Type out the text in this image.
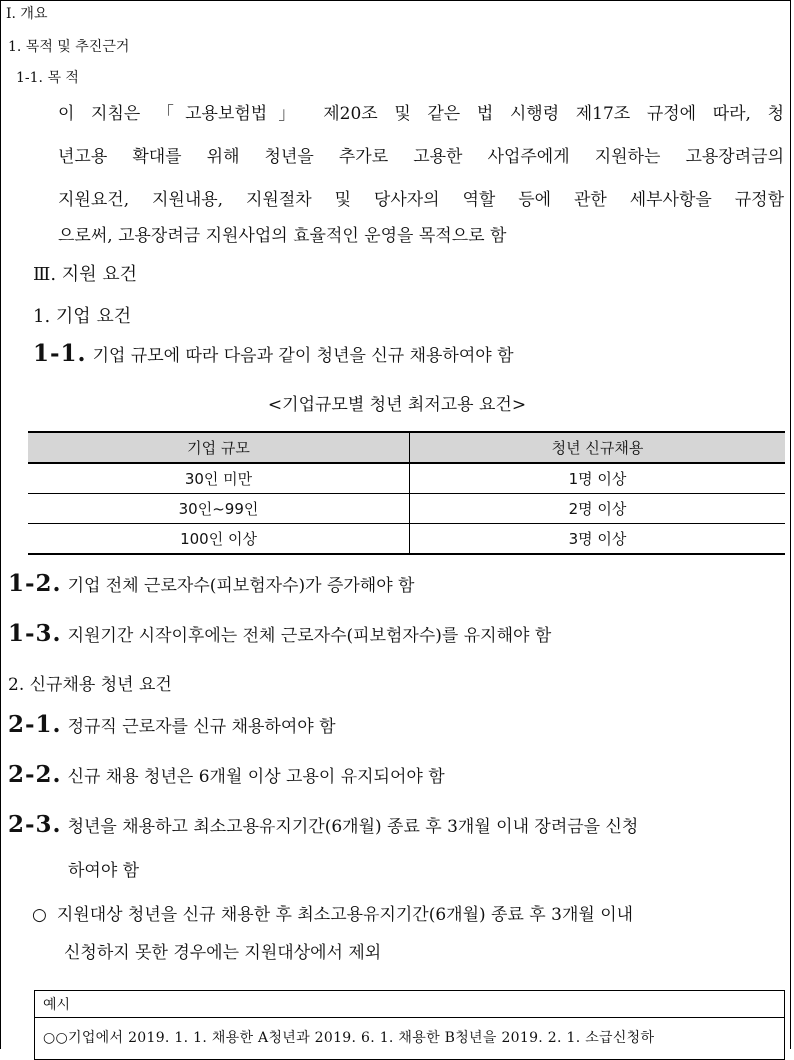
Ⅰ. 개요
1. 목적 및 추진근거
1-1. 목 적
이 지침은 「고용보험법」 제20조 및 같은 법 시행령 제17조 규정에 따라, 청
년고용 확대를 위해 청년을 추가로 고용한 사업주에게 지원하는 고용장려금의
지원요건, 지원내용, 지원절차 및 당사자의 역할 등에 관한 세부사항을 규정함
으로써, 고용장려금 지원사업의 효율적인 운영을 목적으로 함
Ⅲ. 지원 요건
1. 기업 요건
1-1. 기업 규모에 따라 다음과 같이 청년을 신규 채용하여야 함
<기업규모별 청년 최저고용 요건>
기업 규모	청년 신규채용
30인 미만	1명 이상
30인~99인	2명 이상
100인 이상	3명 이상
1-2. 기업 전체 근로자수(피보험자수)가 증가해야 함
1-3. 지원기간 시작이후에는 전체 근로자수(피보험자수)를 유지해야 함
2. 신규채용 청년 요건
2-1. 정규직 근로자를 신규 채용하여야 함
2-2. 신규 채용 청년은 6개월 이상 고용이 유지되어야 함
2-3. 청년을 채용하고 최소고용유지기간(6개월) 종료 후 3개월 이내 장려금을 신청
하여야 함
○ 지원대상 청년을 신규 채용한 후 최소고용유지기간(6개월) 종료 후 3개월 이내
신청하지 못한 경우에는 지원대상에서 제외
예시
○○기업에서 2019. 1. 1. 채용한 A청년과 2019. 6. 1. 채용한 B청년을 2019. 2. 1. 소급신청하
